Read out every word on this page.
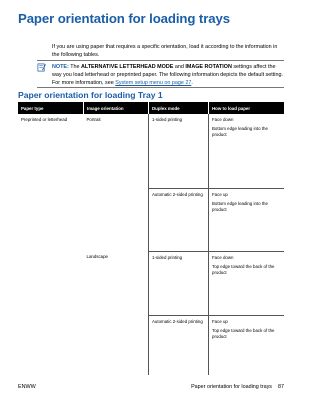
Paper orientation for loading trays
If you are using paper that requires a specific orientation, load it according to the information in the following tables.
NOTE: The ALTERNATIVE LETTERHEAD MODE and IMAGE ROTATION settings affect the way you load letterhead or preprinted paper. The following information depicts the default setting. For more information, see System setup menu on page 27.
Paper orientation for loading Tray 1
Paper type	Image orientation	Duplex mode	How to load paper
Preprinted or letterhead	Portrait	1-sided printing	Face down
Bottom edge leading into the product

		Automatic 2-sided printing	Face up
Bottom edge leading into the product

	Landscape	1-sided printing	Face down
Top edge toward the back of the product

		Automatic 2-sided printing	Face up
Top edge toward the back of the product
ENWW	Paper orientation for loading trays 87
